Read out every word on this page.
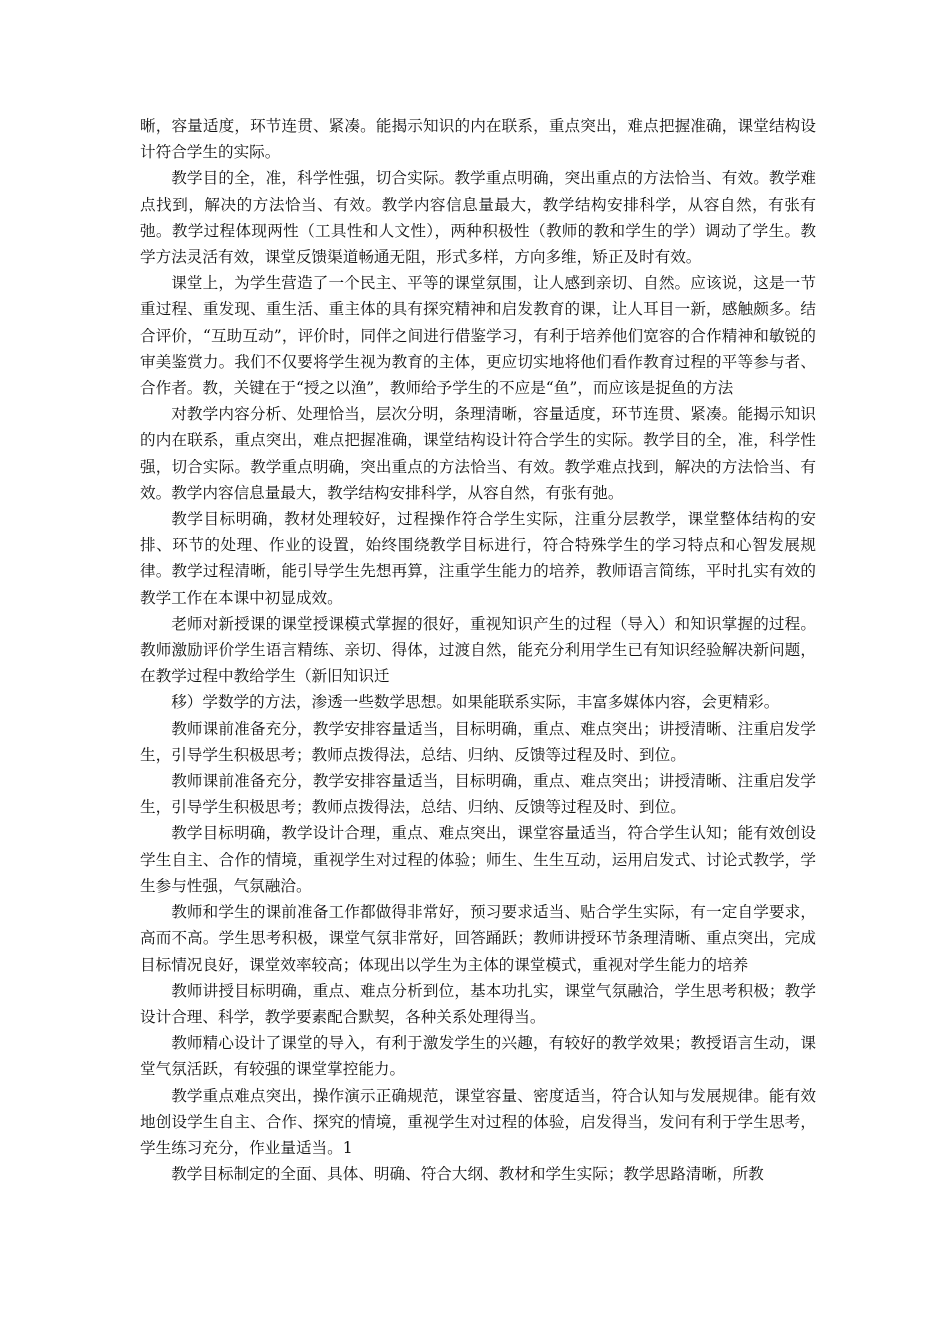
晰，容量适度，环节连贯、紧凑。能揭示知识的内在联系，重点突出，难点把握准确，课堂结构设计符合学生的实际。

教学目的全，准，科学性强，切合实际。教学重点明确，突出重点的方法恰当、有效。教学难点找到，解决的方法恰当、有效。教学内容信息量最大，教学结构安排科学，从容自然，有张有弛。教学过程体现两性（工具性和人文性），两种积极性（教师的教和学生的学）调动了学生。教学方法灵活有效，课堂反馈渠道畅通无阻，形式多样，方向多维，矫正及时有效。

课堂上，为学生营造了一个民主、平等的课堂氛围，让人感到亲切、自然。应该说，这是一节重过程、重发现、重生活、重主体的具有探究精神和启发教育的课，让人耳目一新，感触颇多。结合评价，“互助互动”，评价时，同伴之间进行借鉴学习，有利于培养他们宽容的合作精神和敏锐的审美鉴赏力。我们不仅要将学生视为教育的主体，更应切实地将他们看作教育过程的平等参与者、合作者。教，关键在于“授之以渔”，教师给予学生的不应是“鱼”，而应该是捉鱼的方法

对教学内容分析、处理恰当，层次分明，条理清晰，容量适度，环节连贯、紧凑。能揭示知识的内在联系，重点突出，难点把握准确，课堂结构设计符合学生的实际。教学目的全，准，科学性强，切合实际。教学重点明确，突出重点的方法恰当、有效。教学难点找到，解决的方法恰当、有效。教学内容信息量最大，教学结构安排科学，从容自然，有张有弛。

教学目标明确，教材处理较好，过程操作符合学生实际，注重分层教学，课堂整体结构的安排、环节的处理、作业的设置，始终围绕教学目标进行，符合特殊学生的学习特点和心智发展规律。教学过程清晰，能引导学生先想再算，注重学生能力的培养，教师语言简练，平时扎实有效的教学工作在本课中初显成效。

老师对新授课的课堂授课模式掌握的很好，重视知识产生的过程（导入）和知识掌握的过程。教师激励评价学生语言精练、亲切、得体，过渡自然，能充分利用学生已有知识经验解决新问题，在教学过程中教给学生（新旧知识迁

移）学数学的方法，渗透一些数学思想。如果能联系实际，丰富多媒体内容，会更精彩。

教师课前准备充分，教学安排容量适当，目标明确，重点、难点突出；讲授清晰、注重启发学生，引导学生积极思考；教师点拨得法，总结、归纳、反馈等过程及时、到位。

教师课前准备充分，教学安排容量适当，目标明确，重点、难点突出；讲授清晰、注重启发学生，引导学生积极思考；教师点拨得法，总结、归纳、反馈等过程及时、到位。

教学目标明确，教学设计合理，重点、难点突出，课堂容量适当，符合学生认知；能有效创设学生自主、合作的情境，重视学生对过程的体验；师生、生生互动，运用启发式、讨论式教学，学生参与性强，气氛融洽。

教师和学生的课前准备工作都做得非常好，预习要求适当、贴合学生实际，有一定自学要求，高而不高。学生思考积极，课堂气氛非常好，回答踊跃；教师讲授环节条理清晰、重点突出，完成目标情况良好，课堂效率较高；体现出以学生为主体的课堂模式，重视对学生能力的培养

教师讲授目标明确，重点、难点分析到位，基本功扎实，课堂气氛融洽，学生思考积极；教学设计合理、科学，教学要素配合默契，各种关系处理得当。

教师精心设计了课堂的导入，有利于激发学生的兴趣，有较好的教学效果；教授语言生动，课堂气氛活跃，有较强的课堂掌控能力。

教学重点难点突出，操作演示正确规范，课堂容量、密度适当，符合认知与发展规律。能有效地创设学生自主、合作、探究的情境，重视学生对过程的体验，启发得当，发问有利于学生思考，学生练习充分，作业量适当。1

教学目标制定的全面、具体、明确、符合大纲、教材和学生实际；教学思路清晰，所教
